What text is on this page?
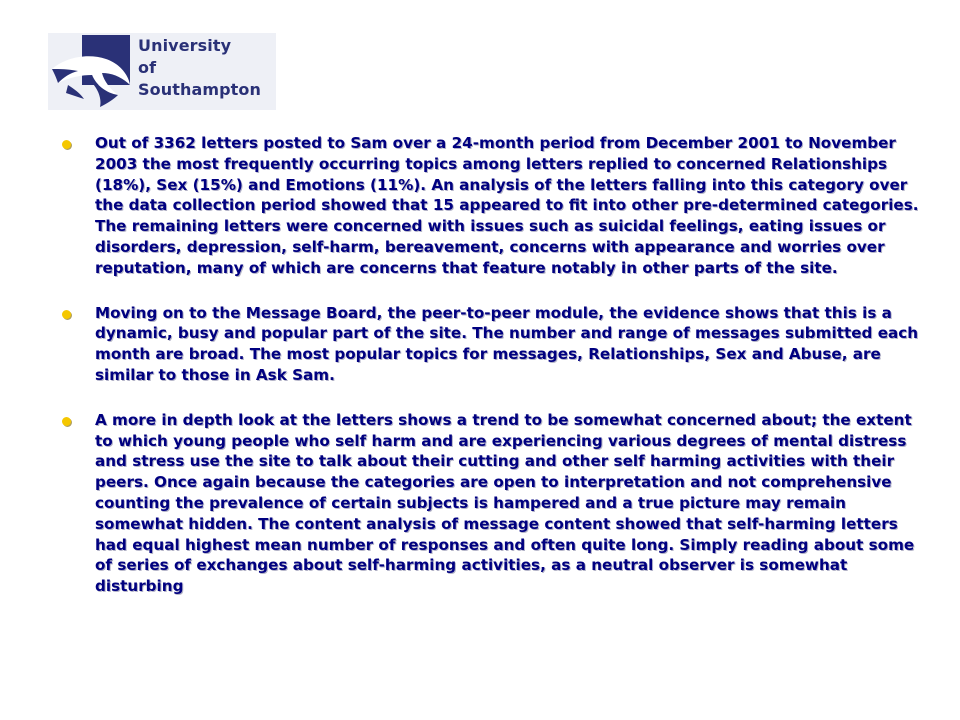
University
of Southampton
Out of 3362 letters posted to Sam over a 24-month period from December 2001 to November 2003 the most frequently occurring topics among letters replied to concerned Relationships (18%), Sex (15%) and Emotions (11%). An analysis of the letters falling into this category over the data collection period showed that 15 appeared to fit into other pre-determined categories. The remaining letters were concerned with issues such as suicidal feelings, eating issues or disorders, depression, self-harm, bereavement, concerns with appearance and worries over reputation, many of which are concerns that feature notably in other parts of the site.
Moving on to the Message Board, the peer-to-peer module, the evidence shows that this is a dynamic, busy and popular part of the site. The number and range of messages submitted each month are broad. The most popular topics for messages, Relationships, Sex and Abuse, are similar to those in Ask Sam.
A more in depth look at the letters shows a trend to be somewhat concerned about; the extent to which young people who self harm and are experiencing various degrees of mental distress and stress use the site to talk about their cutting and other self harming activities with their peers. Once again because the categories are open to interpretation and not comprehensive counting the prevalence of certain subjects is hampered and a true picture may remain somewhat hidden. The content analysis of message content showed that self-harming letters had equal highest mean number of responses and often quite long. Simply reading about some of series of exchanges about self-harming activities, as a neutral observer is somewhat disturbing
